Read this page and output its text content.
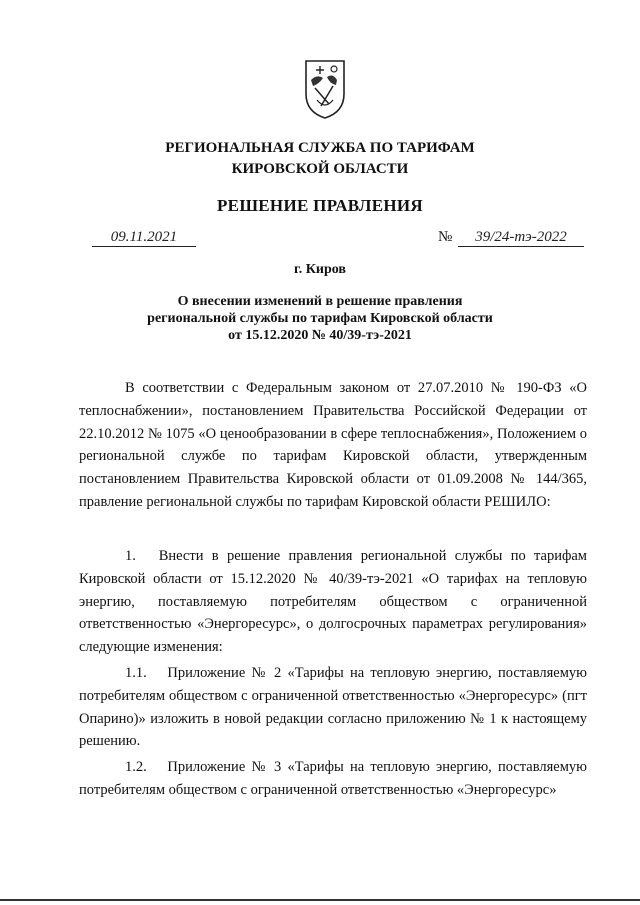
РЕГИОНАЛЬНАЯ СЛУЖБА ПО ТАРИФАМ
КИРОВСКОЙ ОБЛАСТИ
РЕШЕНИЕ ПРАВЛЕНИЯ
09.11.2021	№	39/24-тэ-2022
г. Киров
О внесении изменений в решение правления
региональной службы по тарифам Кировской области
от 15.12.2020 № 40/39-тэ-2021

В соответствии с Федеральным законом от 27.07.2010 № 190-ФЗ «О теплоснабжении», постановлением Правительства Российской Федерации от 22.10.2012 № 1075 «О ценообразовании в сфере теплоснабжения», Положением о региональной службе по тарифам Кировской области, утвержденным постановлением Правительства Кировской области от 01.09.2008 № 144/365, правление региональной службы по тарифам Кировской области РЕШИЛО:

1.  Внести в решение правления региональной службы по тарифам Кировской области от 15.12.2020 № 40/39-тэ-2021 «О тарифах на тепловую энергию, поставляемую потребителям обществом с ограниченной ответственностью «Энергоресурс», о долгосрочных параметрах регулирования» следующие изменения:

1.1.  Приложение № 2 «Тарифы на тепловую энергию, поставляемую потребителям обществом с ограниченной ответственностью «Энергоресурс» (пгт Опарино)» изложить в новой редакции согласно приложению № 1 к настоящему решению.

1.2.  Приложение № 3 «Тарифы на тепловую энергию, поставляемую потребителям обществом с ограниченной ответственностью «Энергоресурс»
